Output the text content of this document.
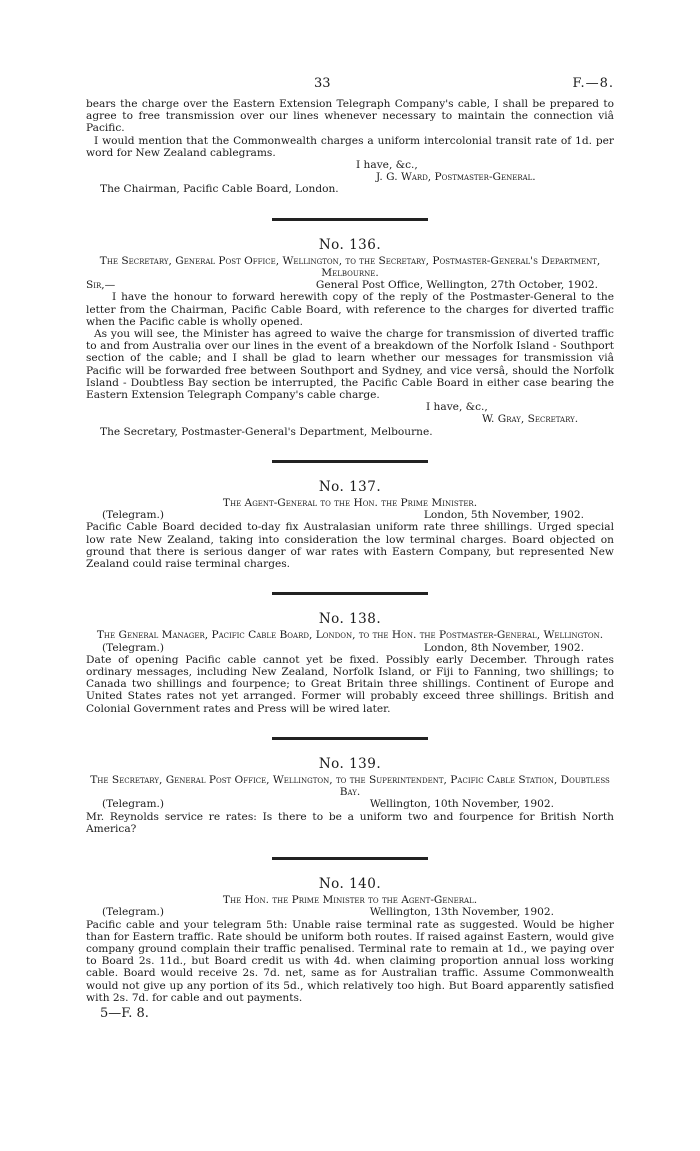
33	F.—8.

bears the charge over the Eastern Extension Telegraph Company's cable, I shall be prepared to agree to free transmission over our lines whenever necessary to maintain the connection viâ Pacific.

I would mention that the Commonwealth charges a uniform intercolonial transit rate of 1d. per word for New Zealand cablegrams.

I have, &c.,

J. G. Ward, Postmaster-General.

The Chairman, Pacific Cable Board, London.

No. 136.

The Secretary, General Post Office, Wellington, to the Secretary, Postmaster-General's Department, Melbourne.

Sir,—	General Post Office, Wellington, 27th October, 1902.

I have the honour to forward herewith copy of the reply of the Postmaster-General to the letter from the Chairman, Pacific Cable Board, with reference to the charges for diverted traffic when the Pacific cable is wholly opened.

As you will see, the Minister has agreed to waive the charge for transmission of diverted traffic to and from Australia over our lines in the event of a breakdown of the Norfolk Island - Southport section of the cable; and I shall be glad to learn whether our messages for transmission viâ Pacific will be forwarded free between Southport and Sydney, and vice versâ, should the Norfolk Island - Doubtless Bay section be interrupted, the Pacific Cable Board in either case bearing the Eastern Extension Telegraph Company's cable charge.

I have, &c.,

W. Gray, Secretary.

The Secretary, Postmaster-General's Department, Melbourne.

No. 137.

The Agent-General to the Hon. the Prime Minister.

(Telegram.)	London, 5th November, 1902.

Pacific Cable Board decided to-day fix Australasian uniform rate three shillings. Urged special low rate New Zealand, taking into consideration the low terminal charges. Board objected on ground that there is serious danger of war rates with Eastern Company, but represented New Zealand could raise terminal charges.

No. 138.

The General Manager, Pacific Cable Board, London, to the Hon. the Postmaster-General, Wellington.

(Telegram.)	London, 8th November, 1902.

Date of opening Pacific cable cannot yet be fixed. Possibly early December. Through rates ordinary messages, including New Zealand, Norfolk Island, or Fiji to Fanning, two shillings; to Canada two shillings and fourpence; to Great Britain three shillings. Continent of Europe and United States rates not yet arranged. Former will probably exceed three shillings. British and Colonial Government rates and Press will be wired later.

No. 139.

The Secretary, General Post Office, Wellington, to the Superintendent, Pacific Cable Station, Doubtless Bay.

(Telegram.)	Wellington, 10th November, 1902.

Mr. Reynolds service re rates: Is there to be a uniform two and fourpence for British North America?

No. 140.

The Hon. the Prime Minister to the Agent-General.

(Telegram.)	Wellington, 13th November, 1902.

Pacific cable and your telegram 5th: Unable raise terminal rate as suggested. Would be higher than for Eastern traffic. Rate should be uniform both routes. If raised against Eastern, would give company ground complain their traffic penalised. Terminal rate to remain at 1d., we paying over to Board 2s. 11d., but Board credit us with 4d. when claiming proportion annual loss working cable. Board would receive 2s. 7d. net, same as for Australian traffic. Assume Commonwealth would not give up any portion of its 5d., which relatively too high. But Board apparently satisfied with 2s. 7d. for cable and out payments.

5—F. 8.
